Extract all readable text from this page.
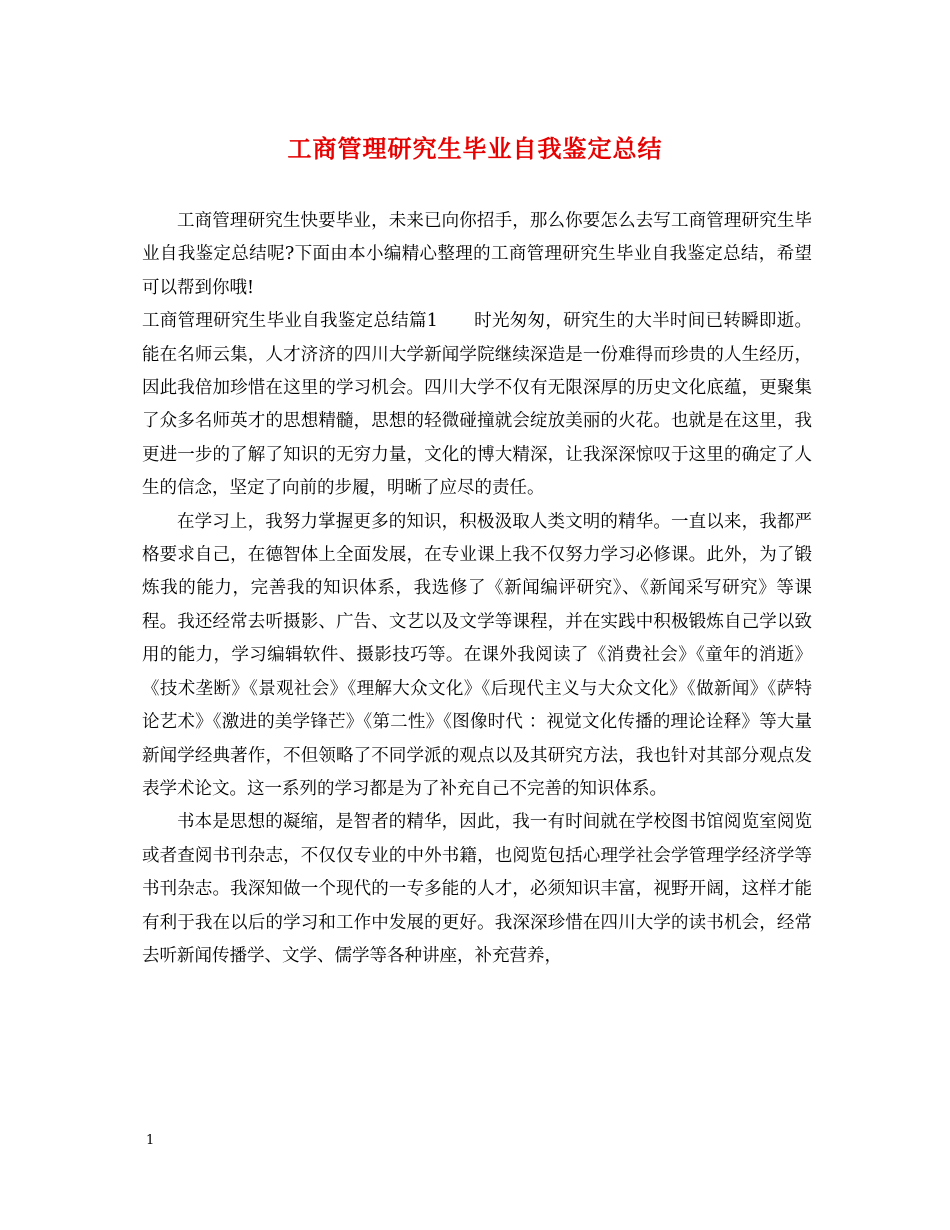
工商管理研究生毕业自我鉴定总结

工商管理研究生快要毕业，未来已向你招手，那么你要怎么去写工商管理研究生毕业自我鉴定总结呢?下面由本小编精心整理的工商管理研究生毕业自我鉴定总结，希望可以帮到你哦!

工商管理研究生毕业自我鉴定总结篇1 时光匆匆，研究生的大半时间已转瞬即逝。能在名师云集，人才济济的四川大学新闻学院继续深造是一份难得而珍贵的人生经历，因此我倍加珍惜在这里的学习机会。四川大学不仅有无限深厚的历史文化底蕴，更聚集了众多名师英才的思想精髓，思想的轻微碰撞就会绽放美丽的火花。也就是在这里，我更进一步的了解了知识的无穷力量，文化的博大精深，让我深深惊叹于这里的确定了人生的信念，坚定了向前的步履，明晰了应尽的责任。

在学习上，我努力掌握更多的知识，积极汲取人类文明的精华。一直以来，我都严格要求自己，在德智体上全面发展，在专业课上我不仅努力学习必修课。此外，为了锻炼我的能力，完善我的知识体系，我选修了《新闻编评研究》、《新闻采写研究》等课程。我还经常去听摄影、广告、文艺以及文学等课程，并在实践中积极锻炼自己学以致用的能力，学习编辑软件、摄影技巧等。在课外我阅读了《消费社会》《童年的消逝》《技术垄断》《景观社会》《理解大众文化》《后现代主义与大众文化》《做新闻》《萨特论艺术》《激进的美学锋芒》《第二性》《图像时代 ：视觉文化传播的理论诠释》等大量新闻学经典著作，不但领略了不同学派的观点以及其研究方法，我也针对其部分观点发表学术论文。这一系列的学习都是为了补充自己不完善的知识体系。

书本是思想的凝缩，是智者的精华，因此，我一有时间就在学校图书馆阅览室阅览或者查阅书刊杂志，不仅仅专业的中外书籍，也阅览包括心理学社会学管理学经济学等书刊杂志。我深知做一个现代的一专多能的人才，必须知识丰富，视野开阔，这样才能有利于我在以后的学习和工作中发展的更好。我深深珍惜在四川大学的读书机会，经常去听新闻传播学、文学、儒学等各种讲座，补充营养，

1
